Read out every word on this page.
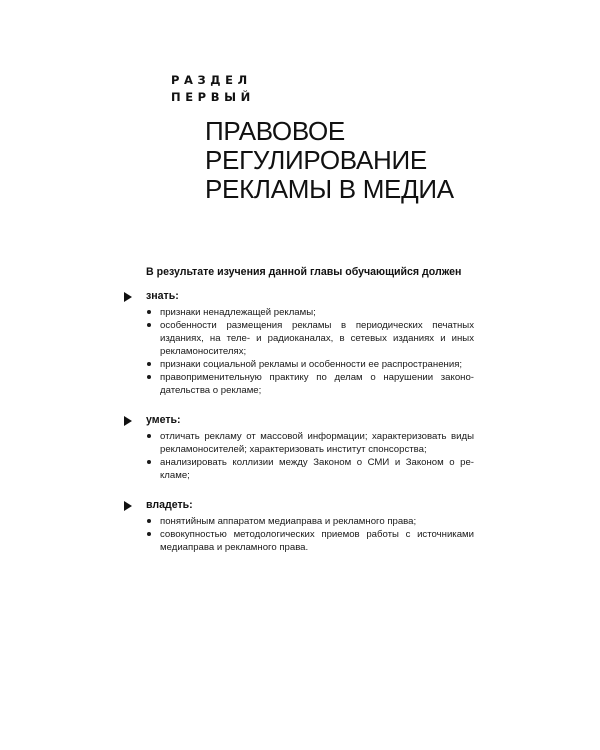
РАЗДЕЛ
ПЕРВЫЙ
ПРАВОВОЕ
РЕГУЛИРОВАНИЕ
РЕКЛАМЫ В МЕДИА
В результате изучения данной главы обучающийся должен
знать:
признаки ненадлежащей рекламы;
особенности размещения рекламы в периодических печатных изданиях, на теле- и радиоканалах, в сетевых изданиях и иных рекламоносителях;
признаки социальной рекламы и особенности ее распространения;
правоприменительную практику по делам о нарушении законодательства о рекламе;
уметь:
отличать рекламу от массовой информации; характеризовать виды рекламоносителей; характеризовать институт спонсорства;
анализировать коллизии между Законом о СМИ и Законом о рекламе;
владеть:
понятийным аппаратом медиаправа и рекламного права;
совокупностью методологических приемов работы с источниками медиаправа и рекламного права.
